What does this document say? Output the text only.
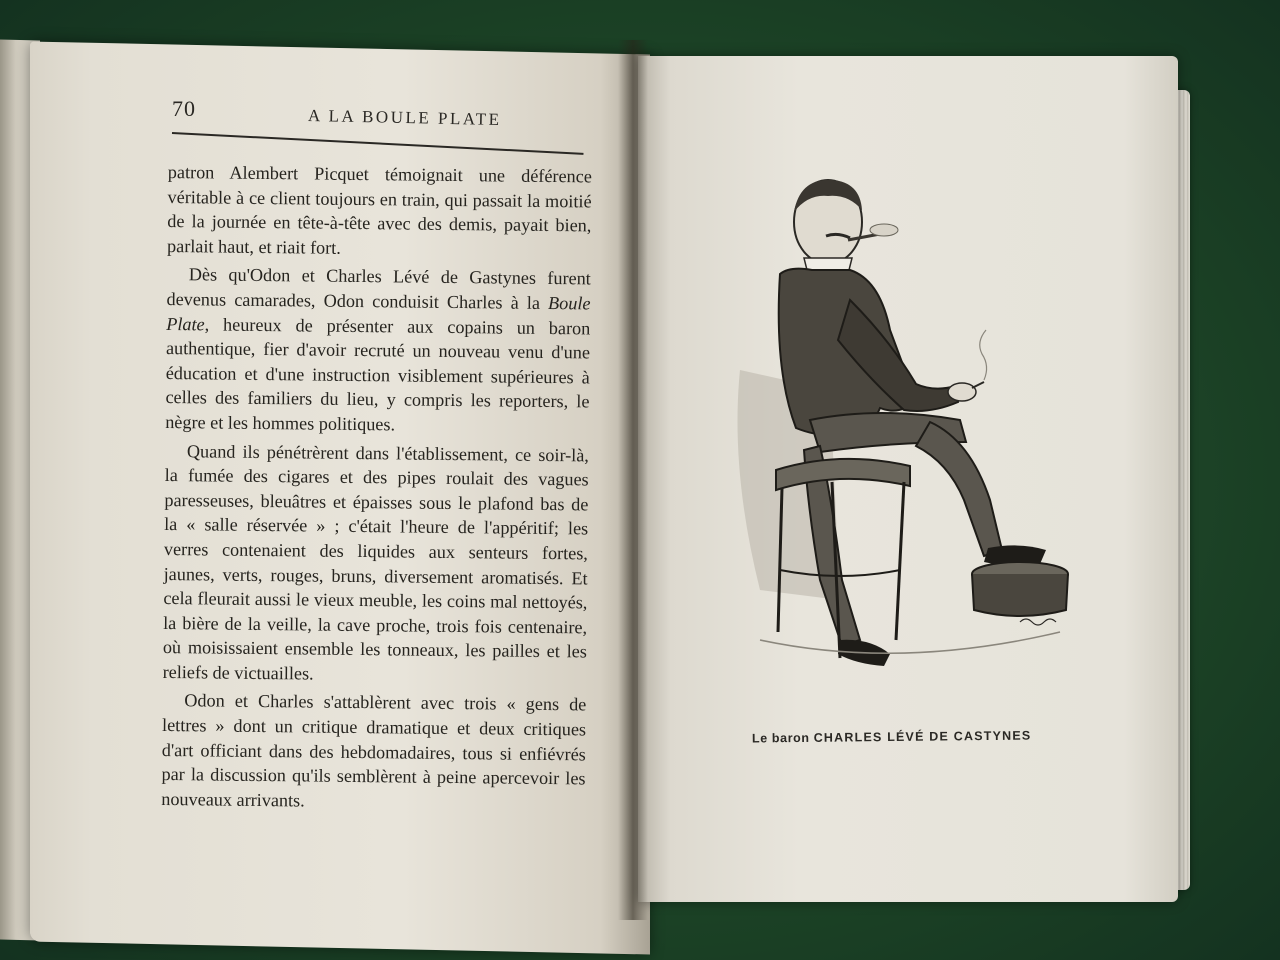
70	A LA BOULE PLATE

patron Alembert Picquet témoignait une déférence véritable à ce client toujours en train, qui passait la moitié de la journée en tête-à-tête avec des demis, payait bien, parlait haut, et riait fort.

Dès qu'Odon et Charles Lévé de Gastynes furent devenus camarades, Odon conduisit Charles à la Boule Plate, heureux de présenter aux copains un baron authentique, fier d'avoir recruté un nouveau venu d'une éducation et d'une instruction visiblement supérieures à celles des familiers du lieu, y compris les reporters, le nègre et les hommes politiques.

Quand ils pénétrèrent dans l'établissement, ce soir-là, la fumée des cigares et des pipes roulait des vagues paresseuses, bleuâtres et épaisses sous le plafond bas de la « salle réservée » ; c'était l'heure de l'appéritif; les verres contenaient des liquides aux senteurs fortes, jaunes, verts, rouges, bruns, diversement aromatisés. Et cela fleurait aussi le vieux meuble, les coins mal nettoyés, la bière de la veille, la cave proche, trois fois centenaire, où moisissaient ensemble les tonneaux, les pailles et les reliefs de victuailles.

Odon et Charles s'attablèrent avec trois « gens de lettres » dont un critique dramatique et deux critiques d'art officiant dans des hebdomadaires, tous si enfiévrés par la discussion qu'ils semblèrent à peine apercevoir les nouveaux arrivants.

Le baron CHARLES LÉVÉ DE CASTYNES
